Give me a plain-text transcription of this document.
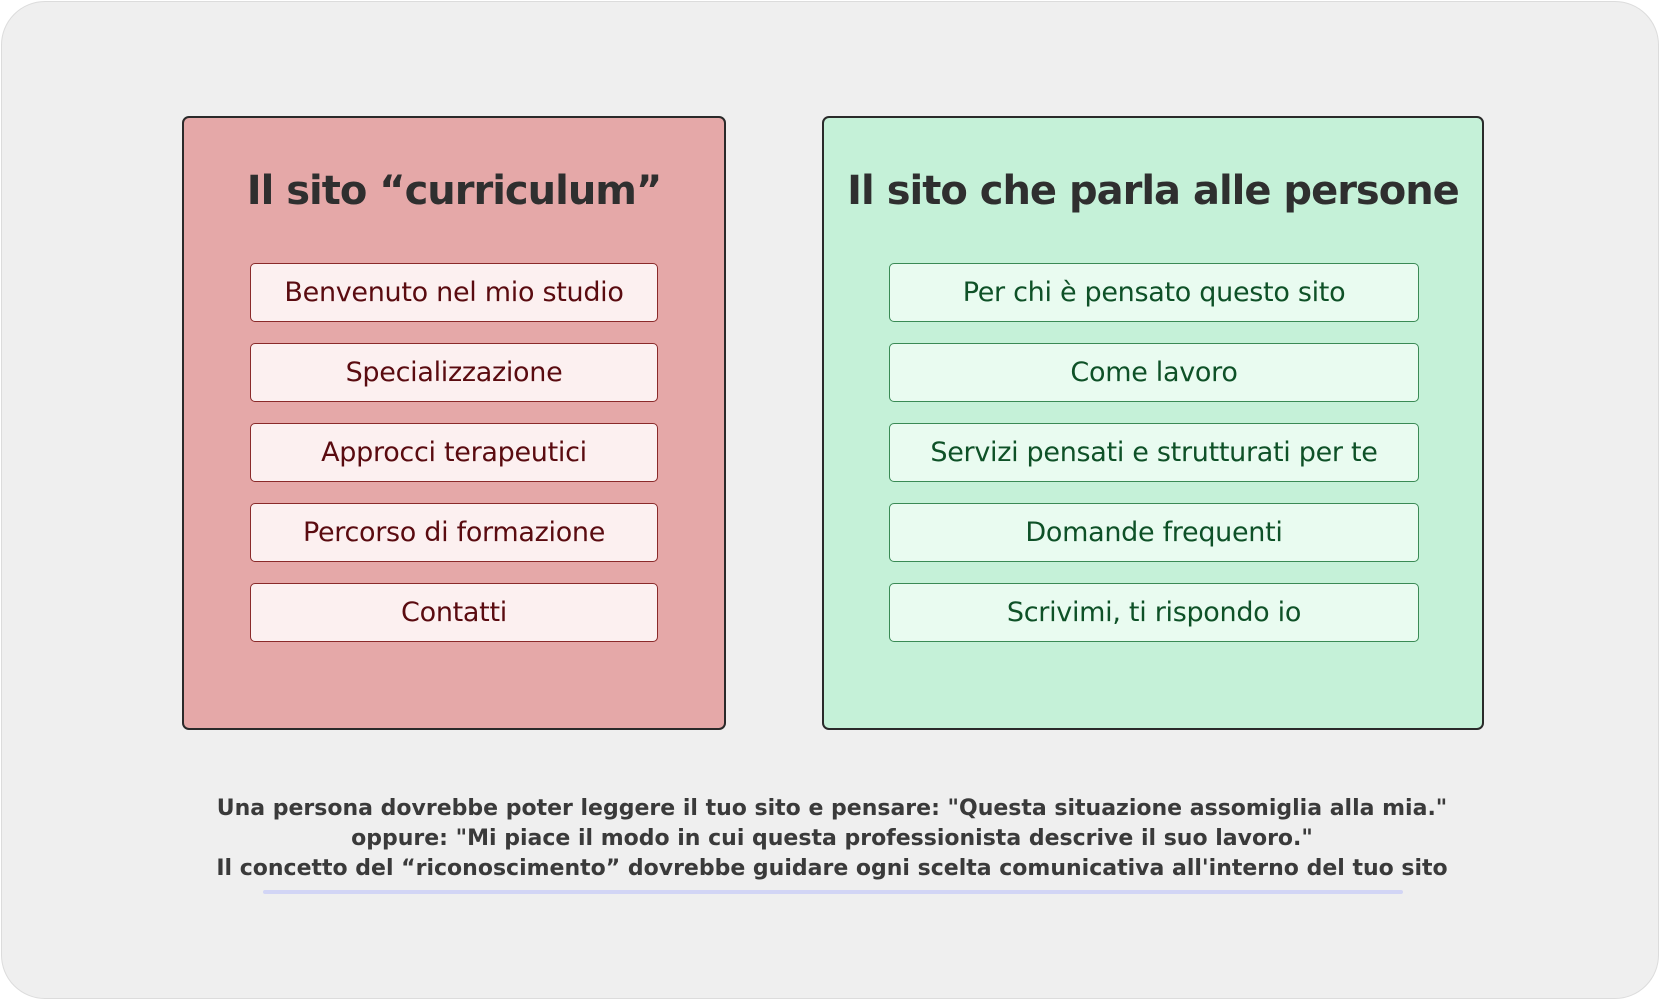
Il sito “curriculum”
Benvenuto nel mio studio
Specializzazione
Approcci terapeutici
Percorso di formazione
Contatti
Il sito che parla alle persone
Per chi è pensato questo sito
Come lavoro
Servizi pensati e strutturati per te
Domande frequenti
Scrivimi, ti rispondo io
Una persona dovrebbe poter leggere il tuo sito e pensare: "Questa situazione assomiglia alla mia."
oppure: "Mi piace il modo in cui questa professionista descrive il suo lavoro."
Il concetto del “riconoscimento” dovrebbe guidare ogni scelta comunicativa all'interno del tuo sito
